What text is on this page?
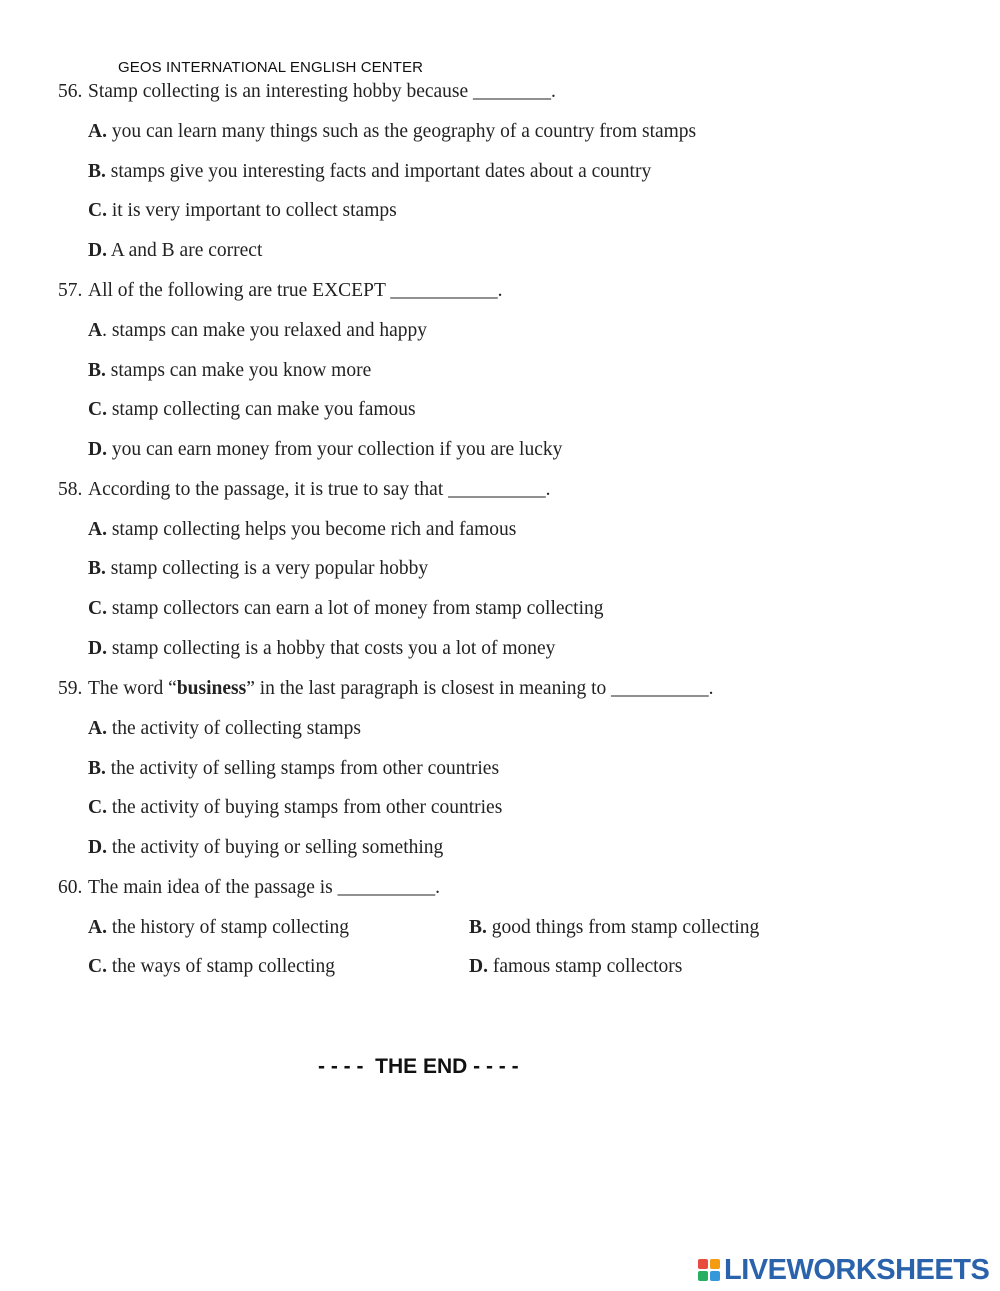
GEOS INTERNATIONAL ENGLISH CENTER
56. Stamp collecting is an interesting hobby because ________.
A. you can learn many things such as the geography of a country from stamps
B. stamps give you interesting facts and important dates about a country
C. it is very important to collect stamps
D. A and B are correct
57. All of the following are true EXCEPT ___________.
A. stamps can make you relaxed and happy
B. stamps can make you know more
C. stamp collecting can make you famous
D. you can earn money from your collection if you are lucky
58. According to the passage, it is true to say that __________.
A. stamp collecting helps you become rich and famous
B. stamp collecting is a very popular hobby
C. stamp collectors can earn a lot of money from stamp collecting
D. stamp collecting is a hobby that costs you a lot of money
59. The word “business” in the last paragraph is closest in meaning to __________.
A. the activity of collecting stamps
B. the activity of selling stamps from other countries
C. the activity of buying stamps from other countries
D. the activity of buying or selling something
60. The main idea of the passage is __________.
A. the history of stamp collecting	B. good things from stamp collecting
C. the ways of stamp collecting	D. famous stamp collectors
- - - -  THE END - - - -
LIVEWORKSHEETS
